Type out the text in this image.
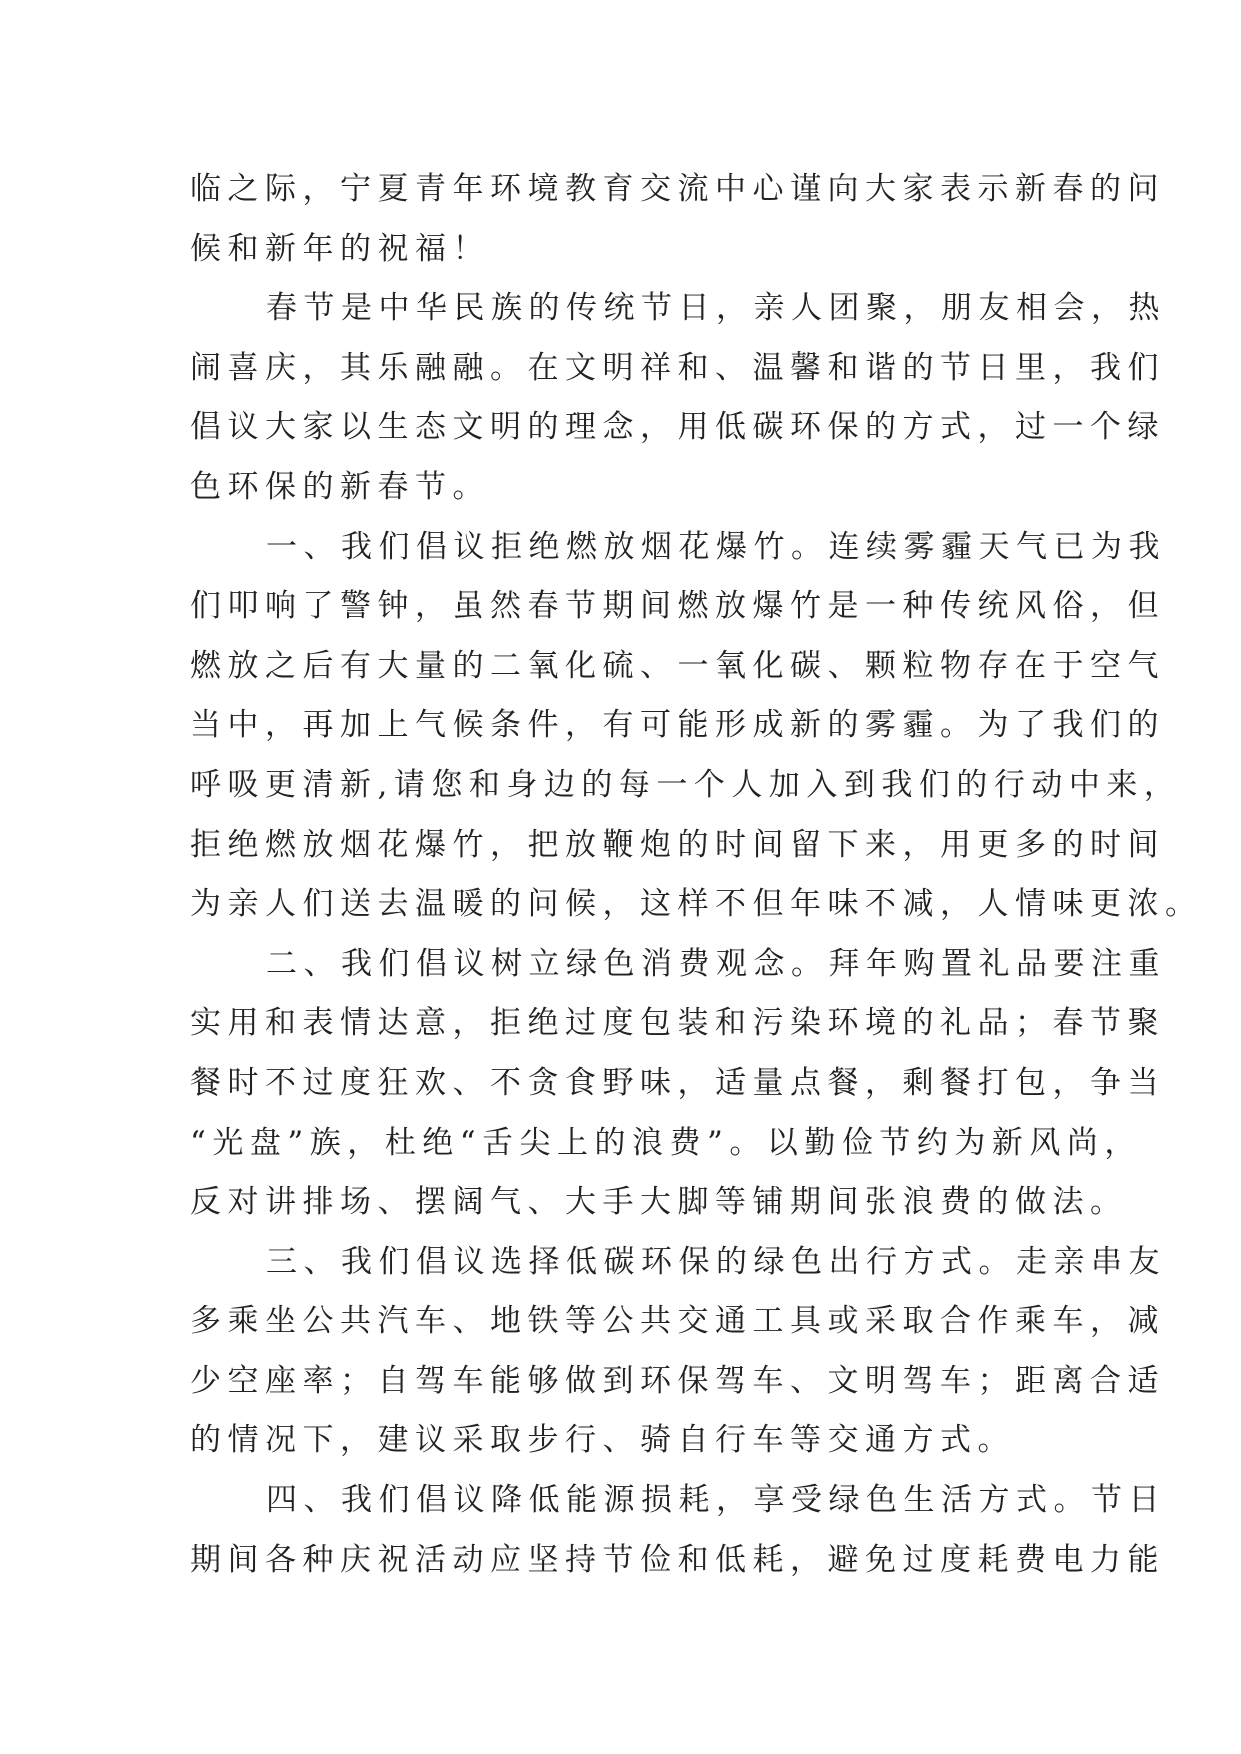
临之际，宁夏青年环境教育交流中心谨向大家表示新春的问
候和新年的祝福！
春节是中华民族的传统节日，亲人团聚，朋友相会，热
闹喜庆，其乐融融。在文明祥和、温馨和谐的节日里，我们
倡议大家以生态文明的理念，用低碳环保的方式，过一个绿
色环保的新春节。
一、我们倡议拒绝燃放烟花爆竹。连续雾霾天气已为我
们叩响了警钟，虽然春节期间燃放爆竹是一种传统风俗，但
燃放之后有大量的二氧化硫、一氧化碳、颗粒物存在于空气
当中，再加上气候条件，有可能形成新的雾霾。为了我们的
呼吸更清新,请您和身边的每一个人加入到我们的行动中来，
拒绝燃放烟花爆竹，把放鞭炮的时间留下来，用更多的时间
为亲人们送去温暖的问候，这样不但年味不减，人情味更浓。
二、我们倡议树立绿色消费观念。拜年购置礼品要注重
实用和表情达意，拒绝过度包装和污染环境的礼品；春节聚
餐时不过度狂欢、不贪食野味，适量点餐，剩餐打包，争当
“光盘”族，杜绝“舌尖上的浪费”。以勤俭节约为新风尚，
反对讲排场、摆阔气、大手大脚等铺期间张浪费的做法。
三、我们倡议选择低碳环保的绿色出行方式。走亲串友
多乘坐公共汽车、地铁等公共交通工具或采取合作乘车，减
少空座率；自驾车能够做到环保驾车、文明驾车；距离合适
的情况下，建议采取步行、骑自行车等交通方式。
四、我们倡议降低能源损耗，享受绿色生活方式。节日
期间各种庆祝活动应坚持节俭和低耗，避免过度耗费电力能
